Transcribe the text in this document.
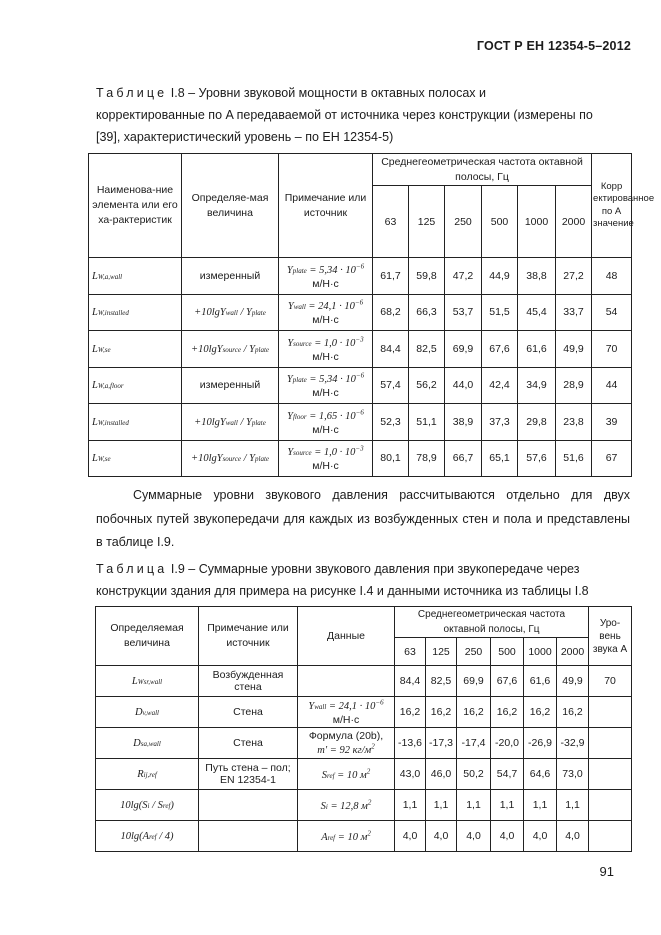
ГОСТ Р ЕН 12354-5–2012
Таблице I.8 – Уровни звуковой мощности в октавных полосах и
корректированные по A передаваемой от источника через конструкции (измерены по
[39], характеристический уровень – по ЕН 12354-5)
Наименова-ние элемента или его ха-рактеристик	Определяе-мая величина	Примечание или источник	Среднегеометрическая частота октавной полосы, Гц						Корр ектированное по A значение
			63	125	250	500	1000	2000	
LW,a,wall	измеренный	Yplate = $5,34 \cdot 10^{-6}$
м/Н·с	61,7	59,8	47,2	44,9	38,8	27,2	48
LW,installed	+10lgYwall / Yplate	Ywall = $24,1 \cdot 10^{-6}$
м/Н·с	68,2	66,3	53,7	51,5	45,4	33,7	54
LW,se	+10lgYsource / Yplate	Ysource = $1,0 \cdot 10^{-3}$
м/Н·с	84,4	82,5	69,9	67,6	61,6	49,9	70
LW,a,floor	измеренный	Yplate = $5,34 \cdot 10^{-6}$
м/Н·с	57,4	56,2	44,0	42,4	34,9	28,9	44
LW,installed	+10lgYwall / Yplate	Yfloor = $1,65 \cdot 10^{-6}$
м/Н·с	52,3	51,1	38,9	37,3	29,8	23,8	39
LW,se	+10lgYsource / Yplate	Ysource = $1,0 \cdot 10^{-3}$
м/Н·с	80,1	78,9	66,7	65,1	57,6	51,6	67
Суммарные уровни звукового давления рассчитываются отдельно для двух побочных путей звукопередачи для каждых из возбужденных стен и пола и представлены в таблице I.9.
Таблица I.9 – Суммарные уровни звукового давления при звукопередаче через
конструкции здания для примера на рисунке I.4 и данными источника из таблицы I.8
Определяемая величина	Примечание или источник	Данные	Среднегеометрическая частота октавной полосы, Гц						Уро-вень звука A
			63	125	250	500	1000	2000	
LWsr,wall	Возбужденная стена		84,4	82,5	69,9	67,6	61,6	49,9	70
Dv,wall	Стена	Ywall = $24,1 \cdot 10^{-6}$
м/Н·с	16,2	16,2	16,2	16,2	16,2	16,2	
Dsa,wall	Стена	Формула (20b),
m' = 92 $кг/м^2$	-13,6	-17,3	-17,4	-20,0	-26,9	-32,9	
Rij,ref	Путь стена – пол; EN 12354-1	Sref = 10 $м^2$	43,0	46,0	50,2	54,7	64,6	73,0	
10lg(Si / Sref)		Si = 12,8 $м^2$	1,1	1,1	1,1	1,1	1,1	1,1	
10lg(Aref / 4)		Aref = 10 $м^2$	4,0	4,0	4,0	4,0	4,0	4,0	
91
